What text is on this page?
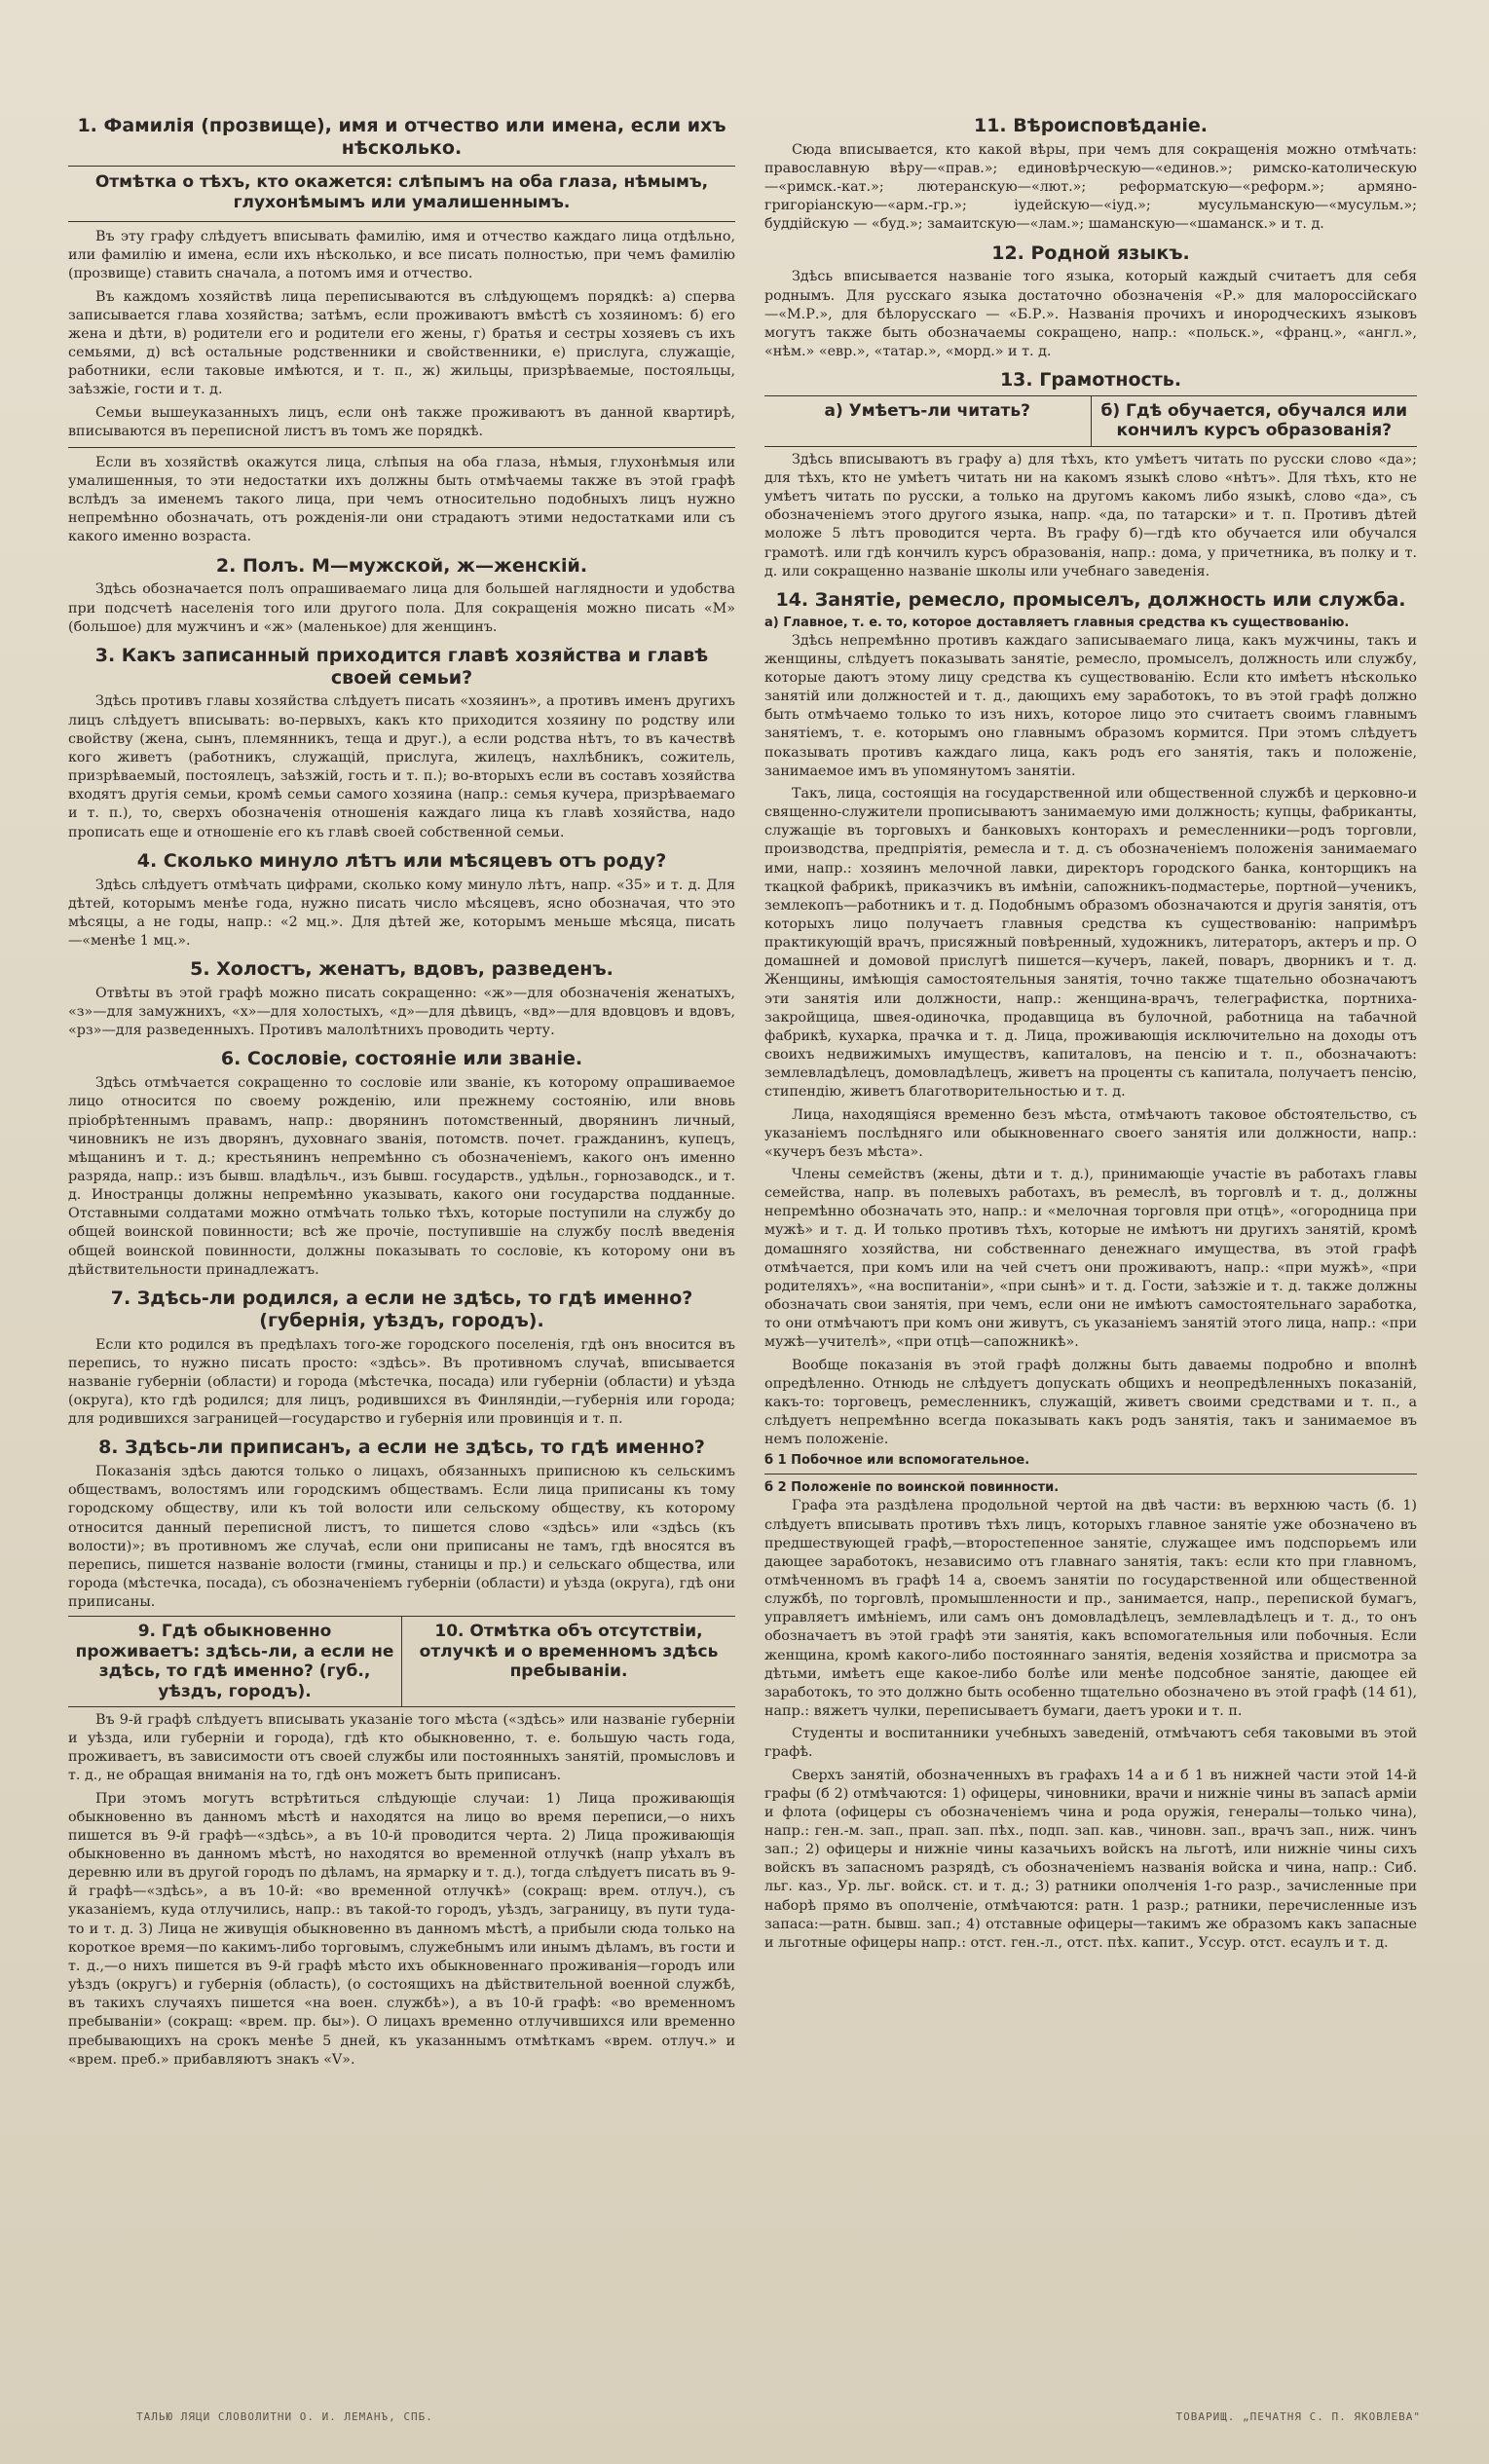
1. Фамилія (прозвище), имя и отчество или имена, если ихъ нѣсколько.
Отмѣтка о тѣхъ, кто окажется: слѣпымъ на оба глаза, нѣмымъ, глухонѣмымъ или умалишеннымъ.

Въ эту графу слѣдуетъ вписывать фамилію, имя и отчество каждаго лица отдѣльно, или фамилію и имена, если ихъ нѣсколько, и все писать полностью, при чемъ фамилію (прозвище) ставить сначала, а потомъ имя и отчество.

Въ каждомъ хозяйствѣ лица переписываются въ слѣдующемъ порядкѣ: а) сперва записывается глава хозяйства; затѣмъ, если проживаютъ вмѣстѣ съ хозяиномъ: б) его жена и дѣти, в) родители его и родители его жены, г) братья и сестры хозяевъ съ ихъ семьями, д) всѣ остальные родственники и свойственники, е) прислуга, служащіе, работники, если таковые имѣются, и т. п., ж) жильцы, призрѣваемые, постояльцы, заѣзжіе, гости и т. д.

Семьи вышеуказанныхъ лицъ, если онѣ также проживаютъ въ данной квартирѣ, вписываются въ переписной листъ въ томъ же порядкѣ.

Если въ хозяйствѣ окажутся лица, слѣпыя на оба глаза, нѣмыя, глухонѣмыя или умалишенныя, то эти недостатки ихъ должны быть отмѣчаемы также въ этой графѣ вслѣдъ за именемъ такого лица, при чемъ относительно подобныхъ лицъ нужно непремѣнно обозначать, отъ рожденія-ли они страдаютъ этими недостатками или съ какого именно возраста.

2. Полъ. М—мужской, ж—женскій.

Здѣсь обозначается полъ опрашиваемаго лица для большей наглядности и удобства при подсчетѣ населенія того или другого пола. Для сокращенія можно писать «М» (большое) для мужчинъ и «ж» (маленькое) для женщинъ.

3. Какъ записанный приходится главѣ хозяйства и главѣ своей семьи?

Здѣсь противъ главы хозяйства слѣдуетъ писать «хозяинъ», а противъ именъ другихъ лицъ слѣдуетъ вписывать: во-первыхъ, какъ кто приходится хозяину по родству или свойству (жена, сынъ, племянникъ, теща и друг.), а если родства нѣтъ, то въ качествѣ кого живетъ (работникъ, служащій, прислуга, жилецъ, нахлѣбникъ, сожитель, призрѣваемый, постоялецъ, заѣзжій, гость и т. п.); во-вторыхъ если въ составъ хозяйства входятъ другія семьи, кромѣ семьи самого хозяина (напр.: семья кучера, призрѣваемаго и т. п.), то, сверхъ обозначенія отношенія каждаго лица къ главѣ хозяйства, надо прописать еще и отношеніе его къ главѣ своей собственной семьи.

4. Сколько минуло лѣтъ или мѣсяцевъ отъ роду?

Здѣсь слѣдуетъ отмѣчать цифрами, сколько кому минуло лѣтъ, напр. «35» и т. д. Для дѣтей, которымъ менѣе года, нужно писать число мѣсяцевъ, ясно обозначая, что это мѣсяцы, а не годы, напр.: «2 мц.». Для дѣтей же, которымъ меньше мѣсяца, писать—«менѣе 1 мц.».

5. Холостъ, женатъ, вдовъ, разведенъ.

Отвѣты въ этой графѣ можно писать сокращенно: «ж»—для обозначенія женатыхъ, «з»—для замужнихъ, «х»—для холостыхъ, «д»—для дѣвицъ, «вд»—для вдовцовъ и вдовъ, «рз»—для разведенныхъ. Противъ малолѣтнихъ проводить черту.

6. Сословіе, состояніе или званіе.

Здѣсь отмѣчается сокращенно то сословіе или званіе, къ которому опрашиваемое лицо относится по своему рожденію, или прежнему состоянію, или вновь пріобрѣтеннымъ правамъ, напр.: дворянинъ потомственный, дворянинъ личный, чиновникъ не изъ дворянъ, духовнаго званія, потомств. почет. гражданинъ, купецъ, мѣщанинъ и т. д.; крестьянинъ непремѣнно съ обозначеніемъ, какого онъ именно разряда, напр.: изъ бывш. владѣльч., изъ бывш. государств., удѣльн., горнозаводск., и т. д. Иностранцы должны непремѣнно указывать, какого они государства подданные. Отставными солдатами можно отмѣчать только тѣхъ, которые поступили на службу до общей воинской повинности; всѣ же прочіе, поступившіе на службу послѣ введенія общей воинской повинности, должны показывать то сословіе, къ которому они въ дѣйствительности принадлежатъ.

7. Здѣсь-ли родился, а если не здѣсь, то гдѣ именно? (губернія, уѣздъ, городъ).

Если кто родился въ предѣлахъ того-же городского поселенія, гдѣ онъ вносится въ перепись, то нужно писать просто: «здѣсь». Въ противномъ случаѣ, вписывается названіе губерніи (области) и города (мѣстечка, посада) или губерніи (области) и уѣзда (округа), кто гдѣ родился; для лицъ, родившихся въ Финляндіи,—губернія или города; для родившихся заграницей—государство и губернія или провинція и т. п.

8. Здѣсь-ли приписанъ, а если не здѣсь, то гдѣ именно?

Показанія здѣсь даются только о лицахъ, обязанныхъ приписною къ сельскимъ обществамъ, волостямъ или городскимъ обществамъ. Если лица приписаны къ тому городскому обществу, или къ той волости или сельскому обществу, къ которому относится данный переписной листъ, то пишется слово «здѣсь» или «здѣсь (къ волости)»; въ противномъ же случаѣ, если они приписаны не тамъ, гдѣ вносятся въ перепись, пишется названіе волости (гмины, станицы и пр.) и сельскаго общества, или города (мѣстечка, посада), съ обозначеніемъ губерніи (области) и уѣзда (округа), гдѣ они приписаны.

9. Гдѣ обыкновенно проживаетъ: здѣсь-ли, а если не здѣсь, то гдѣ именно? (губ., уѣздъ, городъ).
10. Отмѣтка объ отсутствіи, отлучкѣ и о временномъ здѣсь пребываніи.

Въ 9-й графѣ слѣдуетъ вписывать указаніе того мѣста («здѣсь» или названіе губерніи и уѣзда, или губерніи и города), гдѣ кто обыкновенно, т. е. большую часть года, проживаетъ, въ зависимости отъ своей службы или постоянныхъ занятій, промысловъ и т. д., не обращая вниманія на то, гдѣ онъ можетъ быть приписанъ.

При этомъ могутъ встрѣтиться слѣдующіе случаи: 1) Лица проживающія обыкновенно въ данномъ мѣстѣ и находятся на лицо во время переписи,—о нихъ пишется въ 9-й графѣ—«здѣсь», а въ 10-й проводится черта. 2) Лица проживающія обыкновенно въ данномъ мѣстѣ, но находятся во временной отлучкѣ (напр уѣхалъ въ деревню или въ другой городъ по дѣламъ, на ярмарку и т. д.), тогда слѣдуетъ писать въ 9-й графѣ—«здѣсь», а въ 10-й: «во временной отлучкѣ» (сокращ: врем. отлуч.), съ указаніемъ, куда отлучились, напр.: въ такой-то городъ, уѣздъ, заграницу, въ пути туда-то и т. д. 3) Лица не живущія обыкновенно въ данномъ мѣстѣ, а прибыли сюда только на короткое время—по какимъ-либо торговымъ, служебнымъ или инымъ дѣламъ, въ гости и т. д.,—о нихъ пишется въ 9-й графѣ мѣсто ихъ обыкновеннаго проживанія—городъ или уѣздъ (округъ) и губернія (область), (о состоящихъ на дѣйствительной военной службѣ, въ такихъ случаяхъ пишется «на воен. службѣ»), а въ 10-й графѣ: «во временномъ пребываніи» (сокращ: «врем. пр. бы»). О лицахъ временно отлучившихся или временно пребывающихъ на срокъ менѣе 5 дней, къ указаннымъ отмѣткамъ «врем. отлуч.» и «врем. преб.» прибавляютъ знакъ «V».

11. Вѣроисповѣданіе.

Сюда вписывается, кто какой вѣры, при чемъ для сокращенія можно отмѣчать: православную вѣру—«прав.»; единовѣрческую—«единов.»; римско-католическую—«римск.-кат.»; лютеранскую—«лют.»; реформатскую—«реформ.»; армяно-григоріанскую—«арм.-гр.»; іудейскую—«іуд.»; мусульманскую—«мусульм.»; буддійскую — «буд.»; замаитскую—«лам.»; шаманскую—«шаманск.» и т. д.

12. Родной языкъ.

Здѣсь вписывается названіе того языка, который каждый считаетъ для себя роднымъ. Для русскаго языка достаточно обозначенія «Р.» для малороссійскаго—«М.Р.», для бѣлорусскаго — «Б.Р.». Названія прочихъ и инородческихъ языковъ могутъ также быть обозначаемы сокращено, напр.: «польск.», «франц.», «англ.», «нѣм.» «евр.», «татар.», «морд.» и т. д.

13. Грамотность.
а) Умѣетъ-ли читать?	б) Гдѣ обучается, обучался или кончилъ курсъ образованія?

Здѣсь вписываютъ въ графу а) для тѣхъ, кто умѣетъ читать по русски слово «да»; для тѣхъ, кто не умѣетъ читать ни на какомъ языкѣ слово «нѣтъ». Для тѣхъ, кто не умѣетъ читать по русски, а только на другомъ какомъ либо языкѣ, слово «да», съ обозначеніемъ этого другого языка, напр. «да, по татарски» и т. п. Противъ дѣтей моложе 5 лѣтъ проводится черта. Въ графу б)—гдѣ кто обучается или обучался грамотѣ. или гдѣ кончилъ курсъ образованія, напр.: дома, у причетника, въ полку и т. д. или сокращенно названіе школы или учебнаго заведенія.

14. Занятіе, ремесло, промыселъ, должность или служба.
а) Главное, т. е. то, которое доставляетъ главныя средства къ существованію.

Здѣсь непремѣнно противъ каждаго записываемаго лица, какъ мужчины, такъ и женщины, слѣдуетъ показывать занятіе, ремесло, промыселъ, должность или службу, которые даютъ этому лицу средства къ существованію. Если кто имѣетъ нѣсколько занятій или должностей и т. д., дающихъ ему заработокъ, то въ этой графѣ должно быть отмѣчаемо только то изъ нихъ, которое лицо это считаетъ своимъ главнымъ занятіемъ, т. е. которымъ оно главнымъ образомъ кормится. При этомъ слѣдуетъ показывать противъ каждаго лица, какъ родъ его занятія, такъ и положеніе, занимаемое имъ въ упомянутомъ занятіи.

Такъ, лица, состоящія на государственной или общественной службѣ и церковно-и священно-служители прописываютъ занимаемую ими должность; купцы, фабриканты, служащіе въ торговыхъ и банковыхъ конторахъ и ремесленники—родъ торговли, производства, предпріятія, ремесла и т. д. съ обозначеніемъ положенія занимаемаго ими, напр.: хозяинъ мелочной лавки, директоръ городского банка, конторщикъ на ткацкой фабрикѣ, приказчикъ въ имѣніи, сапожникъ-подмастерье, портной—ученикъ, землекопъ—работникъ и т. д. Подобнымъ образомъ обозначаются и другія занятія, отъ которыхъ лицо получаетъ главныя средства къ существованію: напримѣръ практикующій врачъ, присяжный повѣренный, художникъ, литераторъ, актеръ и пр. О домашней и домовой прислугѣ пишется—кучеръ, лакей, поваръ, дворникъ и т. д. Женщины, имѣющія самостоятельныя занятія, точно также тщательно обозначаютъ эти занятія или должности, напр.: женщина-врачъ, телеграфистка, портниха-закройщица, швея-одиночка, продавщица въ булочной, работница на табачной фабрикѣ, кухарка, прачка и т. д. Лица, проживающія исключительно на доходы отъ своихъ недвижимыхъ имуществъ, капиталовъ, на пенсію и т. п., обозначаютъ: землевладѣлецъ, домовладѣлецъ, живетъ на проценты съ капитала, получаетъ пенсію, стипендію, живетъ благотворительностью и т. д.

Лица, находящіяся временно безъ мѣста, отмѣчаютъ таковое обстоятельство, съ указаніемъ послѣдняго или обыкновеннаго своего занятія или должности, напр.: «кучеръ безъ мѣста».

Члены семействъ (жены, дѣти и т. д.), принимающіе участіе въ работахъ главы семейства, напр. въ полевыхъ работахъ, въ ремеслѣ, въ торговлѣ и т. д., должны непремѣнно обозначать это, напр.: и «мелочная торговля при отцѣ», «огородница при мужѣ» и т. д. И только противъ тѣхъ, которые не имѣютъ ни другихъ занятій, кромѣ домашняго хозяйства, ни собственнаго денежнаго имущества, въ этой графѣ отмѣчается, при комъ или на чей счетъ они проживаютъ, напр.: «при мужѣ», «при родителяхъ», «на воспитаніи», «при сынѣ» и т. д. Гости, заѣзжіе и т. д. также должны обозначать свои занятія, при чемъ, если они не имѣютъ самостоятельнаго заработка, то они отмѣчаютъ при комъ они живутъ, съ указаніемъ занятій этого лица, напр.: «при мужѣ—учителѣ», «при отцѣ—сапожникѣ».

Вообще показанія въ этой графѣ должны быть даваемы подробно и вполнѣ опредѣленно. Отнюдь не слѣдуетъ допускать общихъ и неопредѣленныхъ показаній, какъ-то: торговецъ, ремесленникъ, служащій, живетъ своими средствами и т. п., а слѣдуетъ непремѣнно всегда показывать какъ родъ занятія, такъ и занимаемое въ немъ положеніе.

б 1 Побочное или вспомогательное.
б 2 Положеніе по воинской повинности.

Графа эта раздѣлена продольной чертой на двѣ части: въ верхнюю часть (б. 1) слѣдуетъ вписывать противъ тѣхъ лицъ, которыхъ главное занятіе уже обозначено въ предшествующей графѣ,—второстепенное занятіе, служащее имъ подспорьемъ или дающее заработокъ, независимо отъ главнаго занятія, такъ: если кто при главномъ, отмѣченномъ въ графѣ 14 а, своемъ занятіи по государственной или общественной службѣ, по торговлѣ, промышленности и пр., занимается, напр., перепиской бумагъ, управляетъ имѣніемъ, или самъ онъ домовладѣлецъ, землевладѣлецъ и т. д., то онъ обозначаетъ въ этой графѣ эти занятія, какъ вспомогательныя или побочныя. Если женщина, кромѣ какого-либо постояннаго занятія, веденія хозяйства и присмотра за дѣтьми, имѣетъ еще какое-либо болѣе или менѣе подсобное занятіе, дающее ей заработокъ, то это должно быть особенно тщательно обозначено въ этой графѣ (14 б1), напр.: вяжетъ чулки, переписываетъ бумаги, даетъ уроки и т. п.

Студенты и воспитанники учебныхъ заведеній, отмѣчаютъ себя таковыми въ этой графѣ.

Сверхъ занятій, обозначенныхъ въ графахъ 14 а и б 1 въ нижней части этой 14-й графы (б 2) отмѣчаются: 1) офицеры, чиновники, врачи и нижніе чины въ запасѣ арміи и флота (офицеры съ обозначеніемъ чина и рода оружія, генералы—только чина), напр.: ген.-м. зап., прап. зап. пѣх., подп. зап. кав., чиновн. зап., врачъ зап., ниж. чинъ зап.; 2) офицеры и нижніе чины казачьихъ войскъ на льготѣ, или нижніе чины сихъ войскъ въ запасномъ разрядѣ, съ обозначеніемъ названія войска и чина, напр.: Сиб. льг. каз., Ур. льг. войск. ст. и т. д.; 3) ратники ополченія 1-го разр., зачисленные при наборѣ прямо въ ополченіе, отмѣчаются: ратн. 1 разр.; ратники, перечисленные изъ запаса:—ратн. бывш. зап.; 4) отставные офицеры—такимъ же образомъ какъ запасные и льготные офицеры напр.: отст. ген.-л., отст. пѣх. капит., Уссур. отст. есаулъ и т. д.

ТАЛЬЮ ЛЯЦИ СЛОВОЛИТНИ О. И. ЛЕМАНЪ, СПБ.	ТОВАРИЩ. „ПЕЧАТНЯ С. П. ЯКОВЛЕВА"
